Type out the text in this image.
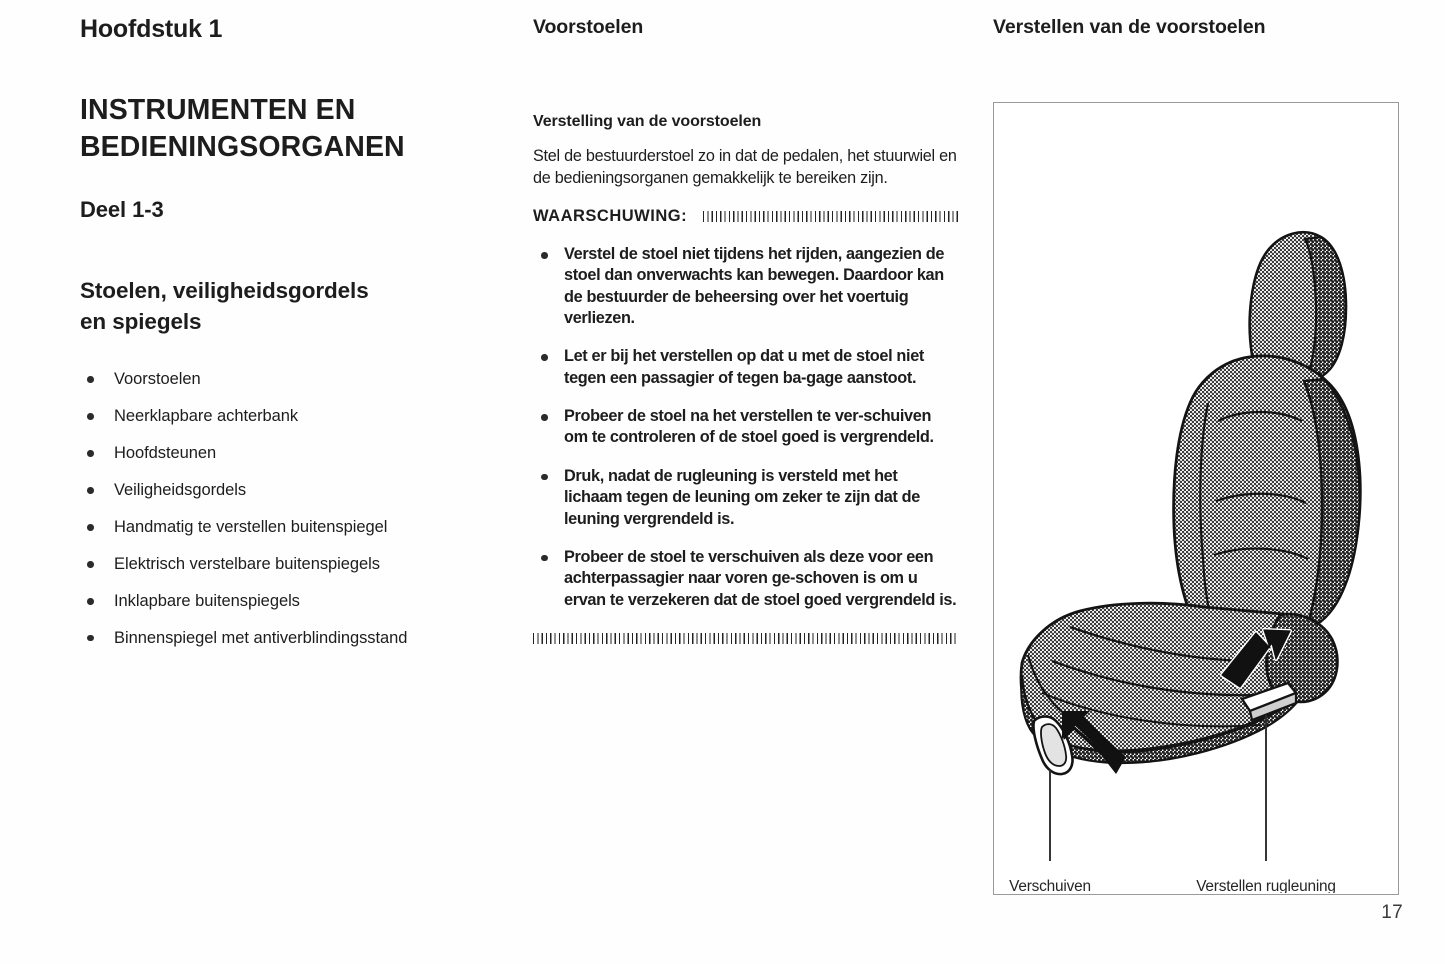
Hoofdstuk 1
INSTRUMENTEN EN
BEDIENINGSORGANEN
Deel 1-3
Stoelen, veiligheidsgordels
en spiegels
Voorstoelen
Neerklapbare achterbank
Hoofdsteunen
Veiligheidsgordels
Handmatig te verstellen buitenspiegel
Elektrisch verstelbare buitenspiegels
Inklapbare buitenspiegels
Binnenspiegel met antiverblindingsstand
Voorstoelen
Verstelling van de voorstoelen

Stel de bestuurderstoel zo in dat de pedalen, het stuurwiel en de bedieningsorganen gemakkelijk te bereiken zijn.

WAARSCHUWING:
Verstel de stoel niet tijdens het rijden, aangezien de stoel dan onverwachts kan bewegen. Daardoor kan de bestuurder de beheersing over het voertuig verliezen.
Let er bij het verstellen op dat u met de stoel niet tegen een passagier of tegen ba-gage aanstoot.
Probeer de stoel na het verstellen te ver-schuiven om te controleren of de stoel goed is vergrendeld.
Druk, nadat de rugleuning is versteld met het lichaam tegen de leuning om zeker te zijn dat de leuning vergrendeld is.
Probeer de stoel te verschuiven als deze voor een achterpassagier naar voren ge-schoven is om u ervan te verzekeren dat de stoel goed vergrendeld is.
Verstellen van de voorstoelen
Verschuiven	Verstellen rugleuning
17
